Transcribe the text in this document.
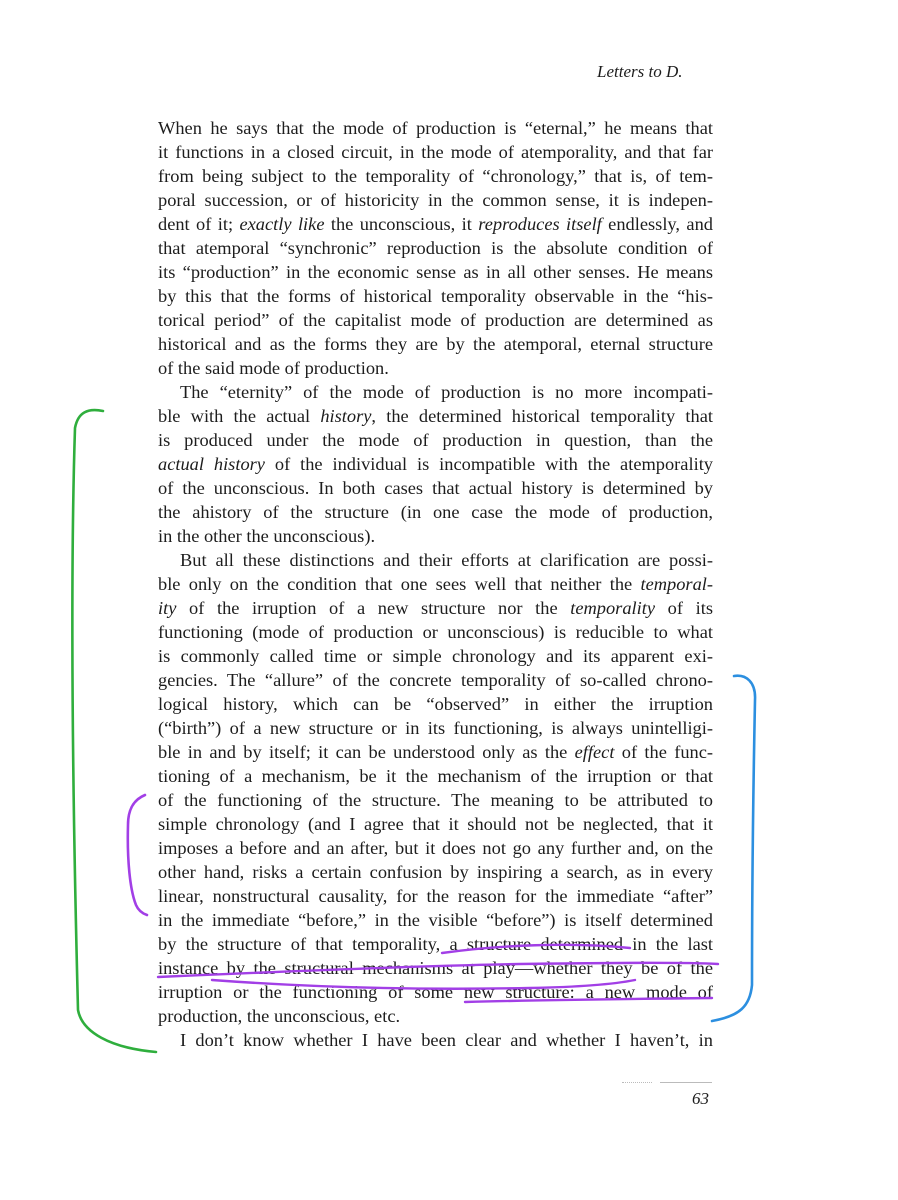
Letters to D.
When he says that the mode of production is “eternal,” he means that
it functions in a closed circuit, in the mode of atemporality, and that far
from being subject to the temporality of “chronology,” that is, of tem-
poral succession, or of historicity in the common sense, it is indepen-
dent of it; exactly like the unconscious, it reproduces itself endlessly, and
that atemporal “synchronic” reproduction is the absolute condition of
its “production” in the economic sense as in all other senses. He means
by this that the forms of historical temporality observable in the “his-
torical period” of the capitalist mode of production are determined as
historical and as the forms they are by the atemporal, eternal structure
of the said mode of production.
The “eternity” of the mode of production is no more incompati-
ble with the actual history, the determined historical temporality that
is produced under the mode of production in question, than the
actual history of the individual is incompatible with the atemporality
of the unconscious. In both cases that actual history is determined by
the ahistory of the structure (in one case the mode of production,
in the other the unconscious).
But all these distinctions and their efforts at clarification are possi-
ble only on the condition that one sees well that neither the temporal-
ity of the irruption of a new structure nor the temporality of its
functioning (mode of production or unconscious) is reducible to what
is commonly called time or simple chronology and its apparent exi-
gencies. The “allure” of the concrete temporality of so-called chrono-
logical history, which can be “observed” in either the irruption
(“birth”) of a new structure or in its functioning, is always unintelligi-
ble in and by itself; it can be understood only as the effect of the func-
tioning of a mechanism, be it the mechanism of the irruption or that
of the functioning of the structure. The meaning to be attributed to
simple chronology (and I agree that it should not be neglected, that it
imposes a before and an after, but it does not go any further and, on the
other hand, risks a certain confusion by inspiring a search, as in every
linear, nonstructural causality, for the reason for the immediate “after”
in the immediate “before,” in the visible “before”) is itself determined
by the structure of that temporality, a structure determined in the last
instance by the structural mechanisms at play—whether they be of the
irruption or the functioning of some new structure: a new mode of
production, the unconscious, etc.
I don’t know whether I have been clear and whether I haven’t, in
63
